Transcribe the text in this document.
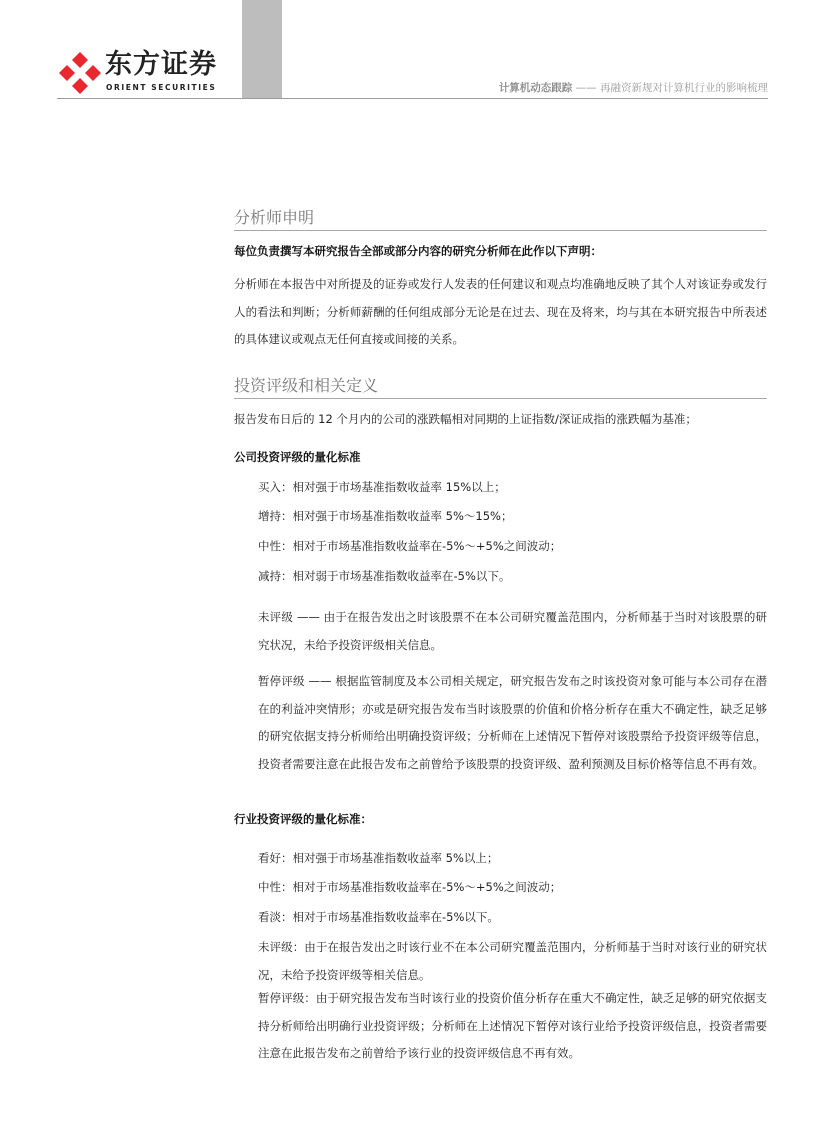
东方证券
ORIENT SECURITIES	计算机动态跟踪 —— 再融资新规对计算机行业的影响梳理
分析师申明
每位负责撰写本研究报告全部或部分内容的研究分析师在此作以下声明：
分析师在本报告中对所提及的证券或发行人发表的任何建议和观点均准确地反映了其个人对该证券或发行人的看法和判断；分析师薪酬的任何组成部分无论是在过去、现在及将来，均与其在本研究报告中所表述的具体建议或观点无任何直接或间接的关系。
投资评级和相关定义
报告发布日后的 12 个月内的公司的涨跌幅相对同期的上证指数/深证成指的涨跌幅为基准；
公司投资评级的量化标准
买入：相对强于市场基准指数收益率 15%以上；
增持：相对强于市场基准指数收益率 5%～15%；
中性：相对于市场基准指数收益率在-5%～+5%之间波动；
减持：相对弱于市场基准指数收益率在-5%以下。
未评级 —— 由于在报告发出之时该股票不在本公司研究覆盖范围内，分析师基于当时对该股票的研究状况，未给予投资评级相关信息。
暂停评级 —— 根据监管制度及本公司相关规定，研究报告发布之时该投资对象可能与本公司存在潜在的利益冲突情形；亦或是研究报告发布当时该股票的价值和价格分析存在重大不确定性，缺乏足够的研究依据支持分析师给出明确投资评级；分析师在上述情况下暂停对该股票给予投资评级等信息，投资者需要注意在此报告发布之前曾给予该股票的投资评级、盈利预测及目标价格等信息不再有效。
行业投资评级的量化标准：
看好：相对强于市场基准指数收益率 5%以上；
中性：相对于市场基准指数收益率在-5%～+5%之间波动；
看淡：相对于市场基准指数收益率在-5%以下。
未评级：由于在报告发出之时该行业不在本公司研究覆盖范围内，分析师基于当时对该行业的研究状况，未给予投资评级等相关信息。
暂停评级：由于研究报告发布当时该行业的投资价值分析存在重大不确定性，缺乏足够的研究依据支持分析师给出明确行业投资评级；分析师在上述情况下暂停对该行业给予投资评级信息，投资者需要注意在此报告发布之前曾给予该行业的投资评级信息不再有效。
